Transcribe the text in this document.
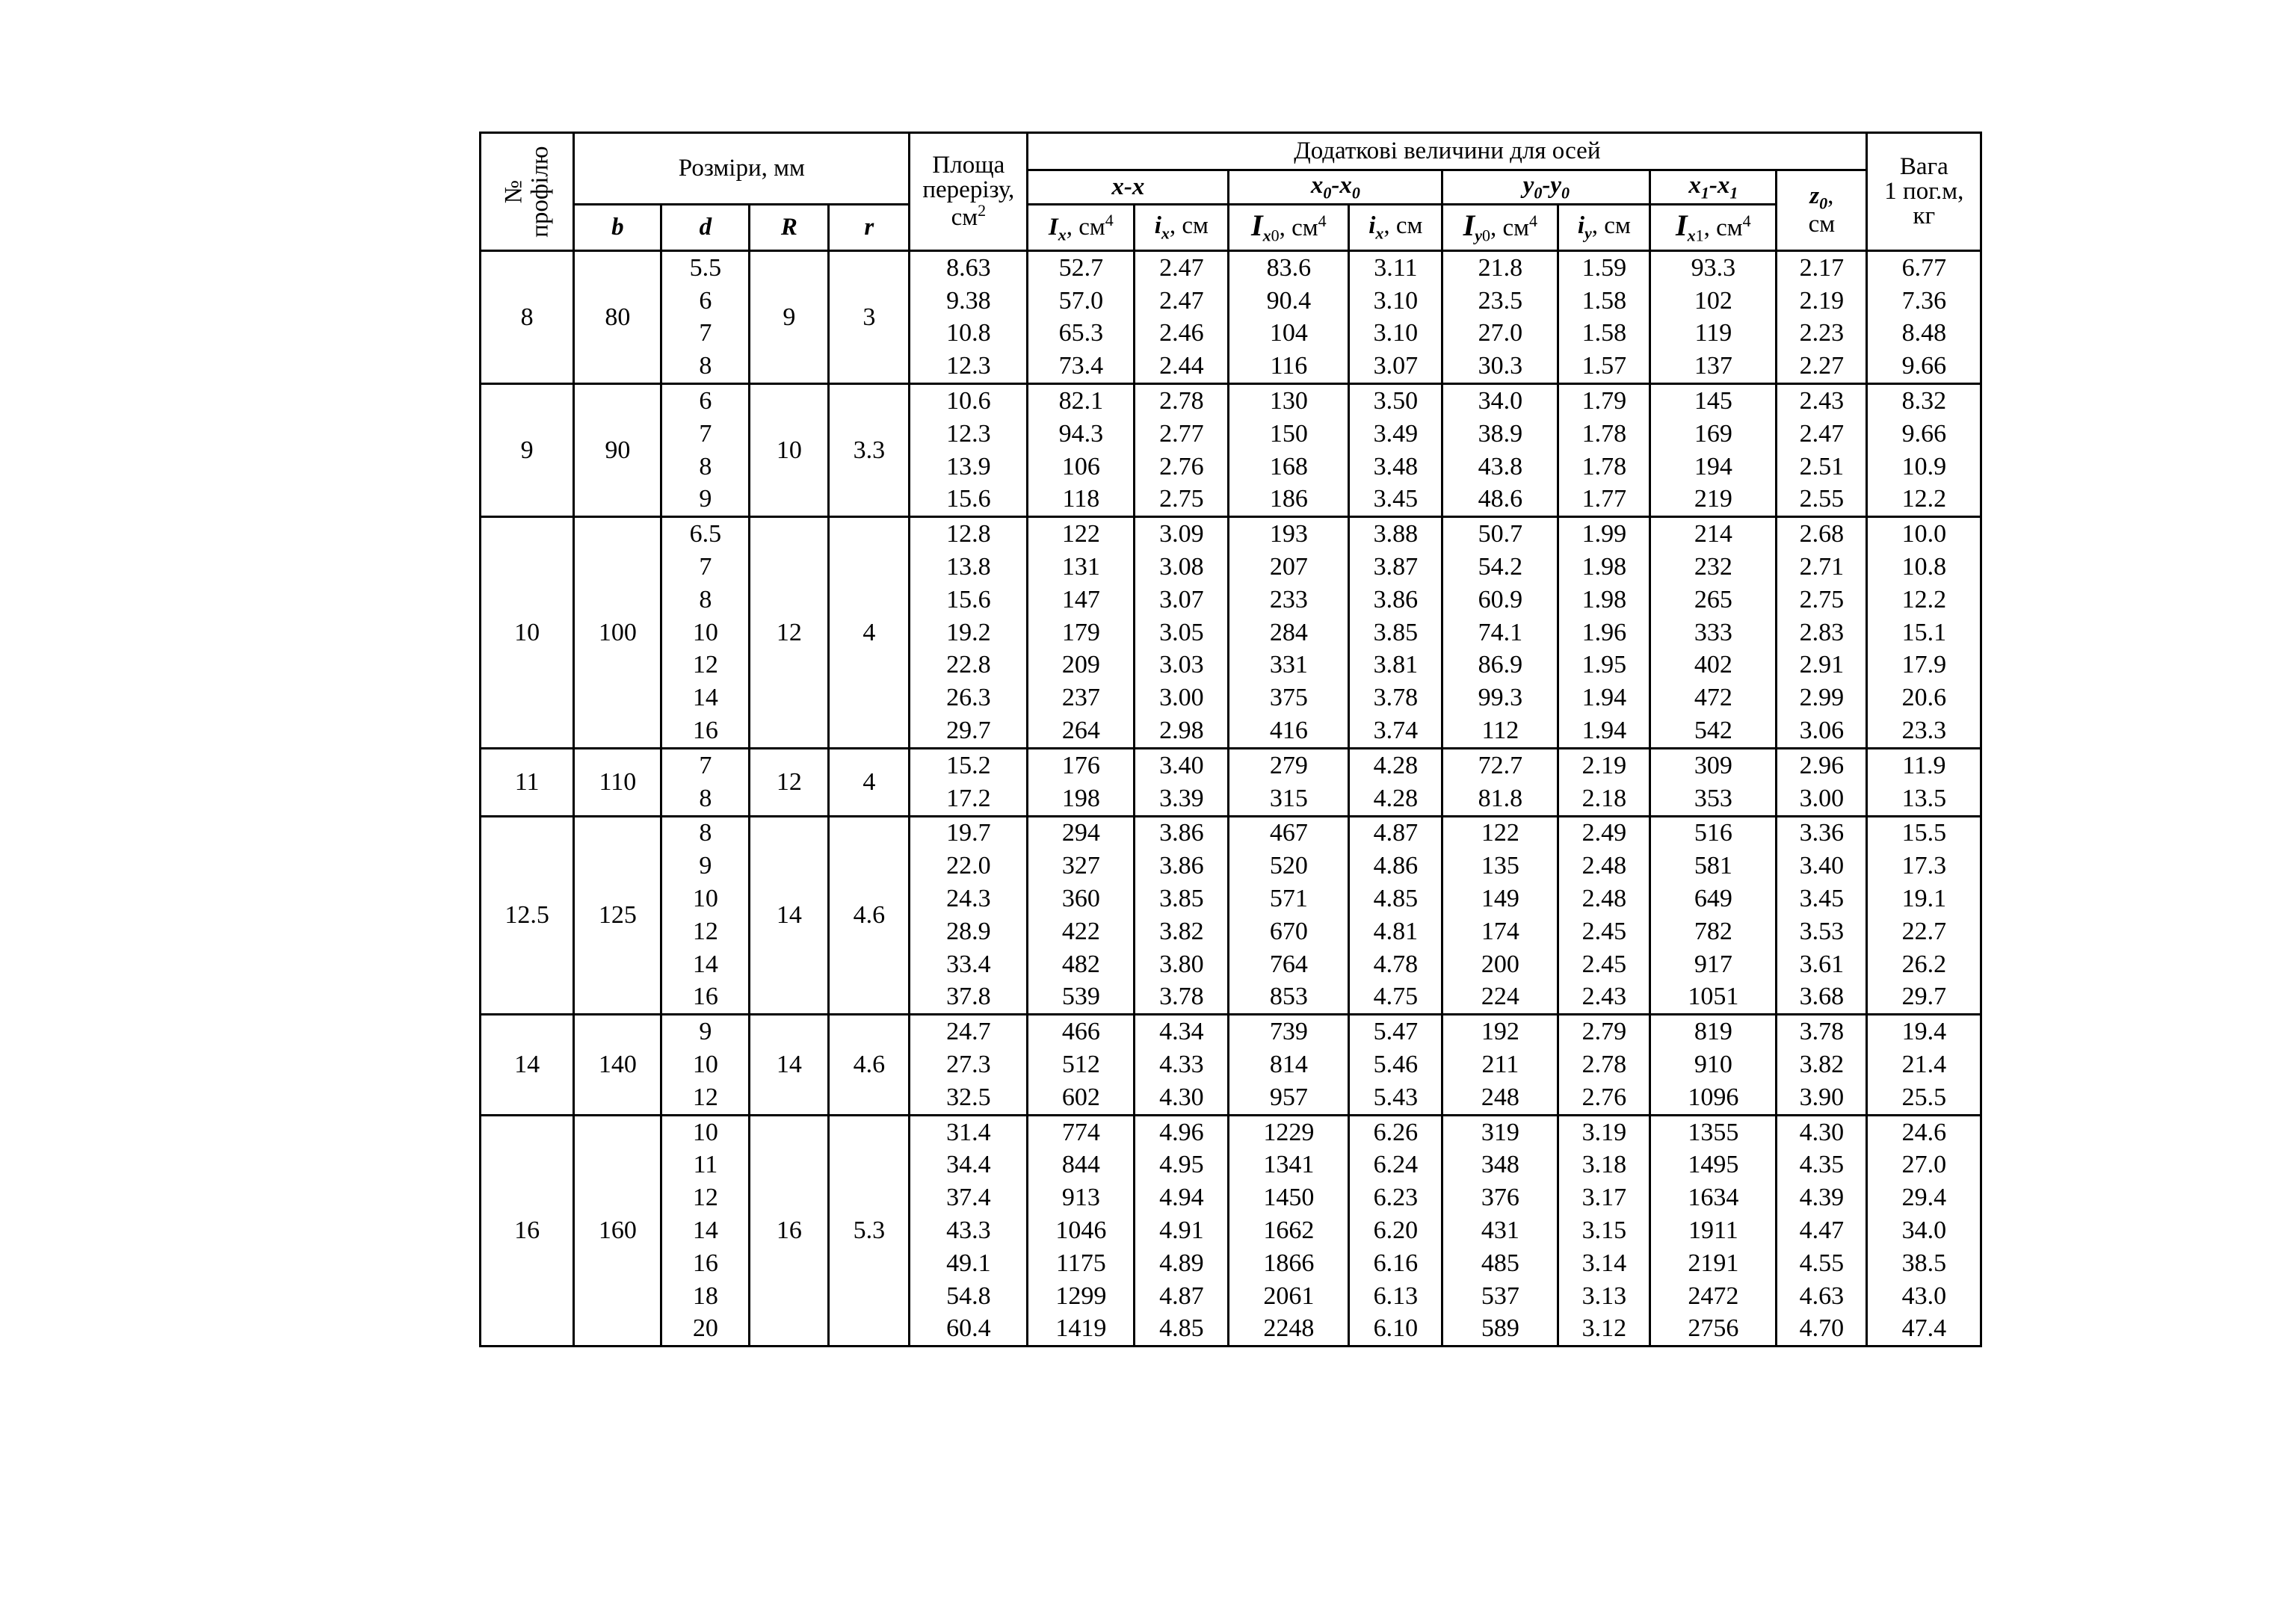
№
профілю	Розміри, мм				Площа
перерізу,
$см^2$	Додаткові величини для осей								Вага
1 пог.м,
кг
						x-x		$x_0-x_0$		$y_0-y_0$		$x_1-x_1$	$z_0$,
см	
	b	d	R	r		$I_x$, $см^4$	$i_x$, см	$I_{x0}$, $см^4$	$i_x$, см	$I_{y0}$, $см^4$	$i_y$, см	$I_{x1}$, $см^4$
8	80	5.5	9	3	8.63	52.7	2.47	83.6	3.11	21.8	1.59	93.3	2.17	6.77
		6			9.38	57.0	2.47	90.4	3.10	23.5	1.58	102	2.19	7.36
		7			10.8	65.3	2.46	104	3.10	27.0	1.58	119	2.23	8.48
		8			12.3	73.4	2.44	116	3.07	30.3	1.57	137	2.27	9.66
9	90	6	10	3.3	10.6	82.1	2.78	130	3.50	34.0	1.79	145	2.43	8.32
		7			12.3	94.3	2.77	150	3.49	38.9	1.78	169	2.47	9.66
		8			13.9	106	2.76	168	3.48	43.8	1.78	194	2.51	10.9
		9			15.6	118	2.75	186	3.45	48.6	1.77	219	2.55	12.2
10	100	6.5	12	4	12.8	122	3.09	193	3.88	50.7	1.99	214	2.68	10.0
		7			13.8	131	3.08	207	3.87	54.2	1.98	232	2.71	10.8
		8			15.6	147	3.07	233	3.86	60.9	1.98	265	2.75	12.2
		10			19.2	179	3.05	284	3.85	74.1	1.96	333	2.83	15.1
		12			22.8	209	3.03	331	3.81	86.9	1.95	402	2.91	17.9
		14			26.3	237	3.00	375	3.78	99.3	1.94	472	2.99	20.6
		16			29.7	264	2.98	416	3.74	112	1.94	542	3.06	23.3
11	110	7	12	4	15.2	176	3.40	279	4.28	72.7	2.19	309	2.96	11.9
		8			17.2	198	3.39	315	4.28	81.8	2.18	353	3.00	13.5
12.5	125	8	14	4.6	19.7	294	3.86	467	4.87	122	2.49	516	3.36	15.5
		9			22.0	327	3.86	520	4.86	135	2.48	581	3.40	17.3
		10			24.3	360	3.85	571	4.85	149	2.48	649	3.45	19.1
		12			28.9	422	3.82	670	4.81	174	2.45	782	3.53	22.7
		14			33.4	482	3.80	764	4.78	200	2.45	917	3.61	26.2
		16			37.8	539	3.78	853	4.75	224	2.43	1051	3.68	29.7
14	140	9	14	4.6	24.7	466	4.34	739	5.47	192	2.79	819	3.78	19.4
		10			27.3	512	4.33	814	5.46	211	2.78	910	3.82	21.4
		12			32.5	602	4.30	957	5.43	248	2.76	1096	3.90	25.5
16	160	10	16	5.3	31.4	774	4.96	1229	6.26	319	3.19	1355	4.30	24.6
		11			34.4	844	4.95	1341	6.24	348	3.18	1495	4.35	27.0
		12			37.4	913	4.94	1450	6.23	376	3.17	1634	4.39	29.4
		14			43.3	1046	4.91	1662	6.20	431	3.15	1911	4.47	34.0
		16			49.1	1175	4.89	1866	6.16	485	3.14	2191	4.55	38.5
		18			54.8	1299	4.87	2061	6.13	537	3.13	2472	4.63	43.0
		20			60.4	1419	4.85	2248	6.10	589	3.12	2756	4.70	47.4
